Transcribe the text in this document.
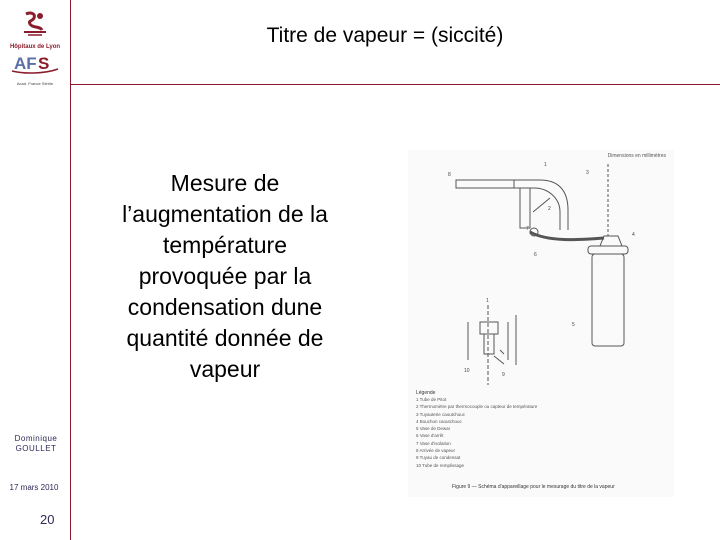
Hôpitaux de Lyon
AF S
Acad. France Stérile
Dominique
GOULLET
17 mars 2010
20
Titre de vapeur = (siccité)
Mesure de
l’augmentation de la
température
provoquée par la
condensation dune
quantité donnée de
vapeur
Dimensions en millimètres
8
1
3
2
4
5
6
7
9
10
1
Légende
1 Tube de Pitot
2 Thermomètre par thermocouple ou capteur de température
3 Tuyauterie caoutchouc
4 Bouchon caoutchouc
5 Vase de Dewar
6 Vase d'arrêt
7 Vase d'isolation
8 Arrivée de vapeur
9 Tuyau de condensat
10 Tube de remplissage
Figure 9 — Schéma d'appareillage pour le mesurage du titre de la vapeur
